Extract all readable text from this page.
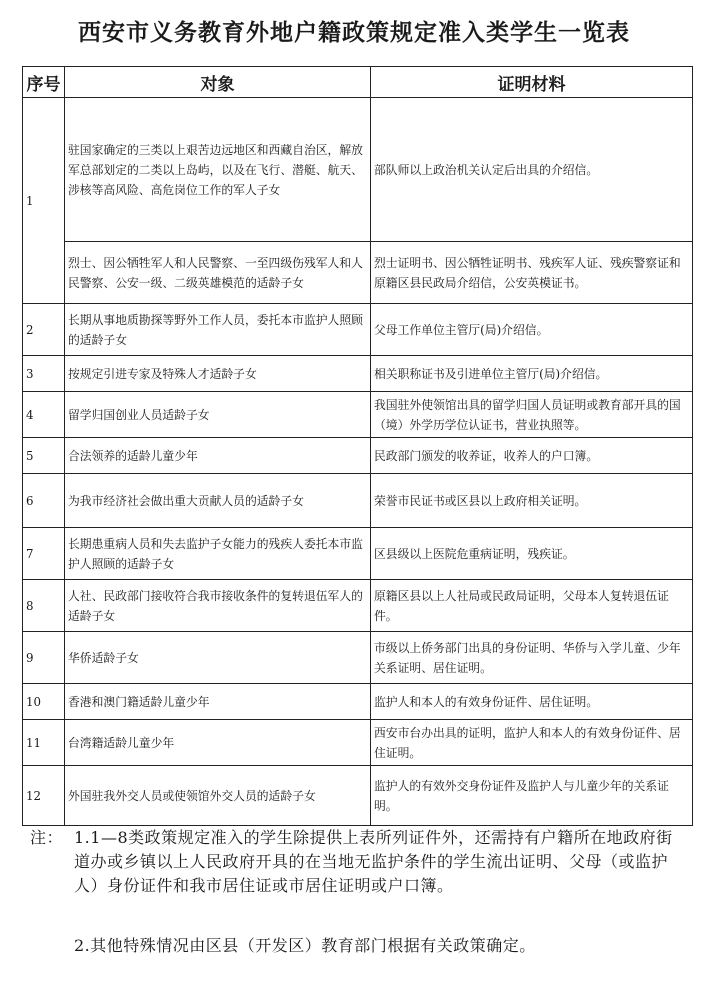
西安市义务教育外地户籍政策规定准入类学生一览表
序号	对象	证明材料
1	驻国家确定的三类以上艰苦边远地区和西藏自治区，解放军总部划定的二类以上岛屿，以及在飞行、潜艇、航天、涉核等高风险、高危岗位工作的军人子女	部队师以上政治机关认定后出具的介绍信。
	烈士、因公牺牲军人和人民警察、一至四级伤残军人和人民警察、公安一级、二级英雄模范的适龄子女	烈士证明书、因公牺牲证明书、残疾军人证、残疾警察证和原籍区县民政局介绍信，公安英模证书。
2	长期从事地质勘探等野外工作人员，委托本市监护人照顾的适龄子女	父母工作单位主管厅(局)介绍信。
3	按规定引进专家及特殊人才适龄子女	相关职称证书及引进单位主管厅(局)介绍信。
4	留学归国创业人员适龄子女	我国驻外使领馆出具的留学归国人员证明或教育部开具的国（境）外学历学位认证书，营业执照等。
5	合法领养的适龄儿童少年	民政部门颁发的收养证，收养人的户口簿。
6	为我市经济社会做出重大贡献人员的适龄子女	荣誉市民证书或区县以上政府相关证明。
7	长期患重病人员和失去监护子女能力的残疾人委托本市监护人照顾的适龄子女	区县级以上医院危重病证明，残疾证。
8	人社、民政部门接收符合我市接收条件的复转退伍军人的适龄子女	原籍区县以上人社局或民政局证明，父母本人复转退伍证件。
9	华侨适龄子女	市级以上侨务部门出具的身份证明、华侨与入学儿童、少年关系证明、居住证明。
10	香港和澳门籍适龄儿童少年	监护人和本人的有效身份证件、居住证明。
11	台湾籍适龄儿童少年	西安市台办出具的证明，监护人和本人的有效身份证件、居住证明。
12	外国驻我外交人员或使领馆外交人员的适龄子女	监护人的有效外交身份证件及监护人与儿童少年的关系证明。
注： 1.1—8类政策规定准入的学生除提供上表所列证件外，还需持有户籍所在地政府街道办或乡镇以上人民政府开具的在当地无监护条件的学生流出证明、父母（或监护人）身份证件和我市居住证或市居住证明或户口簿。
2.其他特殊情况由区县（开发区）教育部门根据有关政策确定。
